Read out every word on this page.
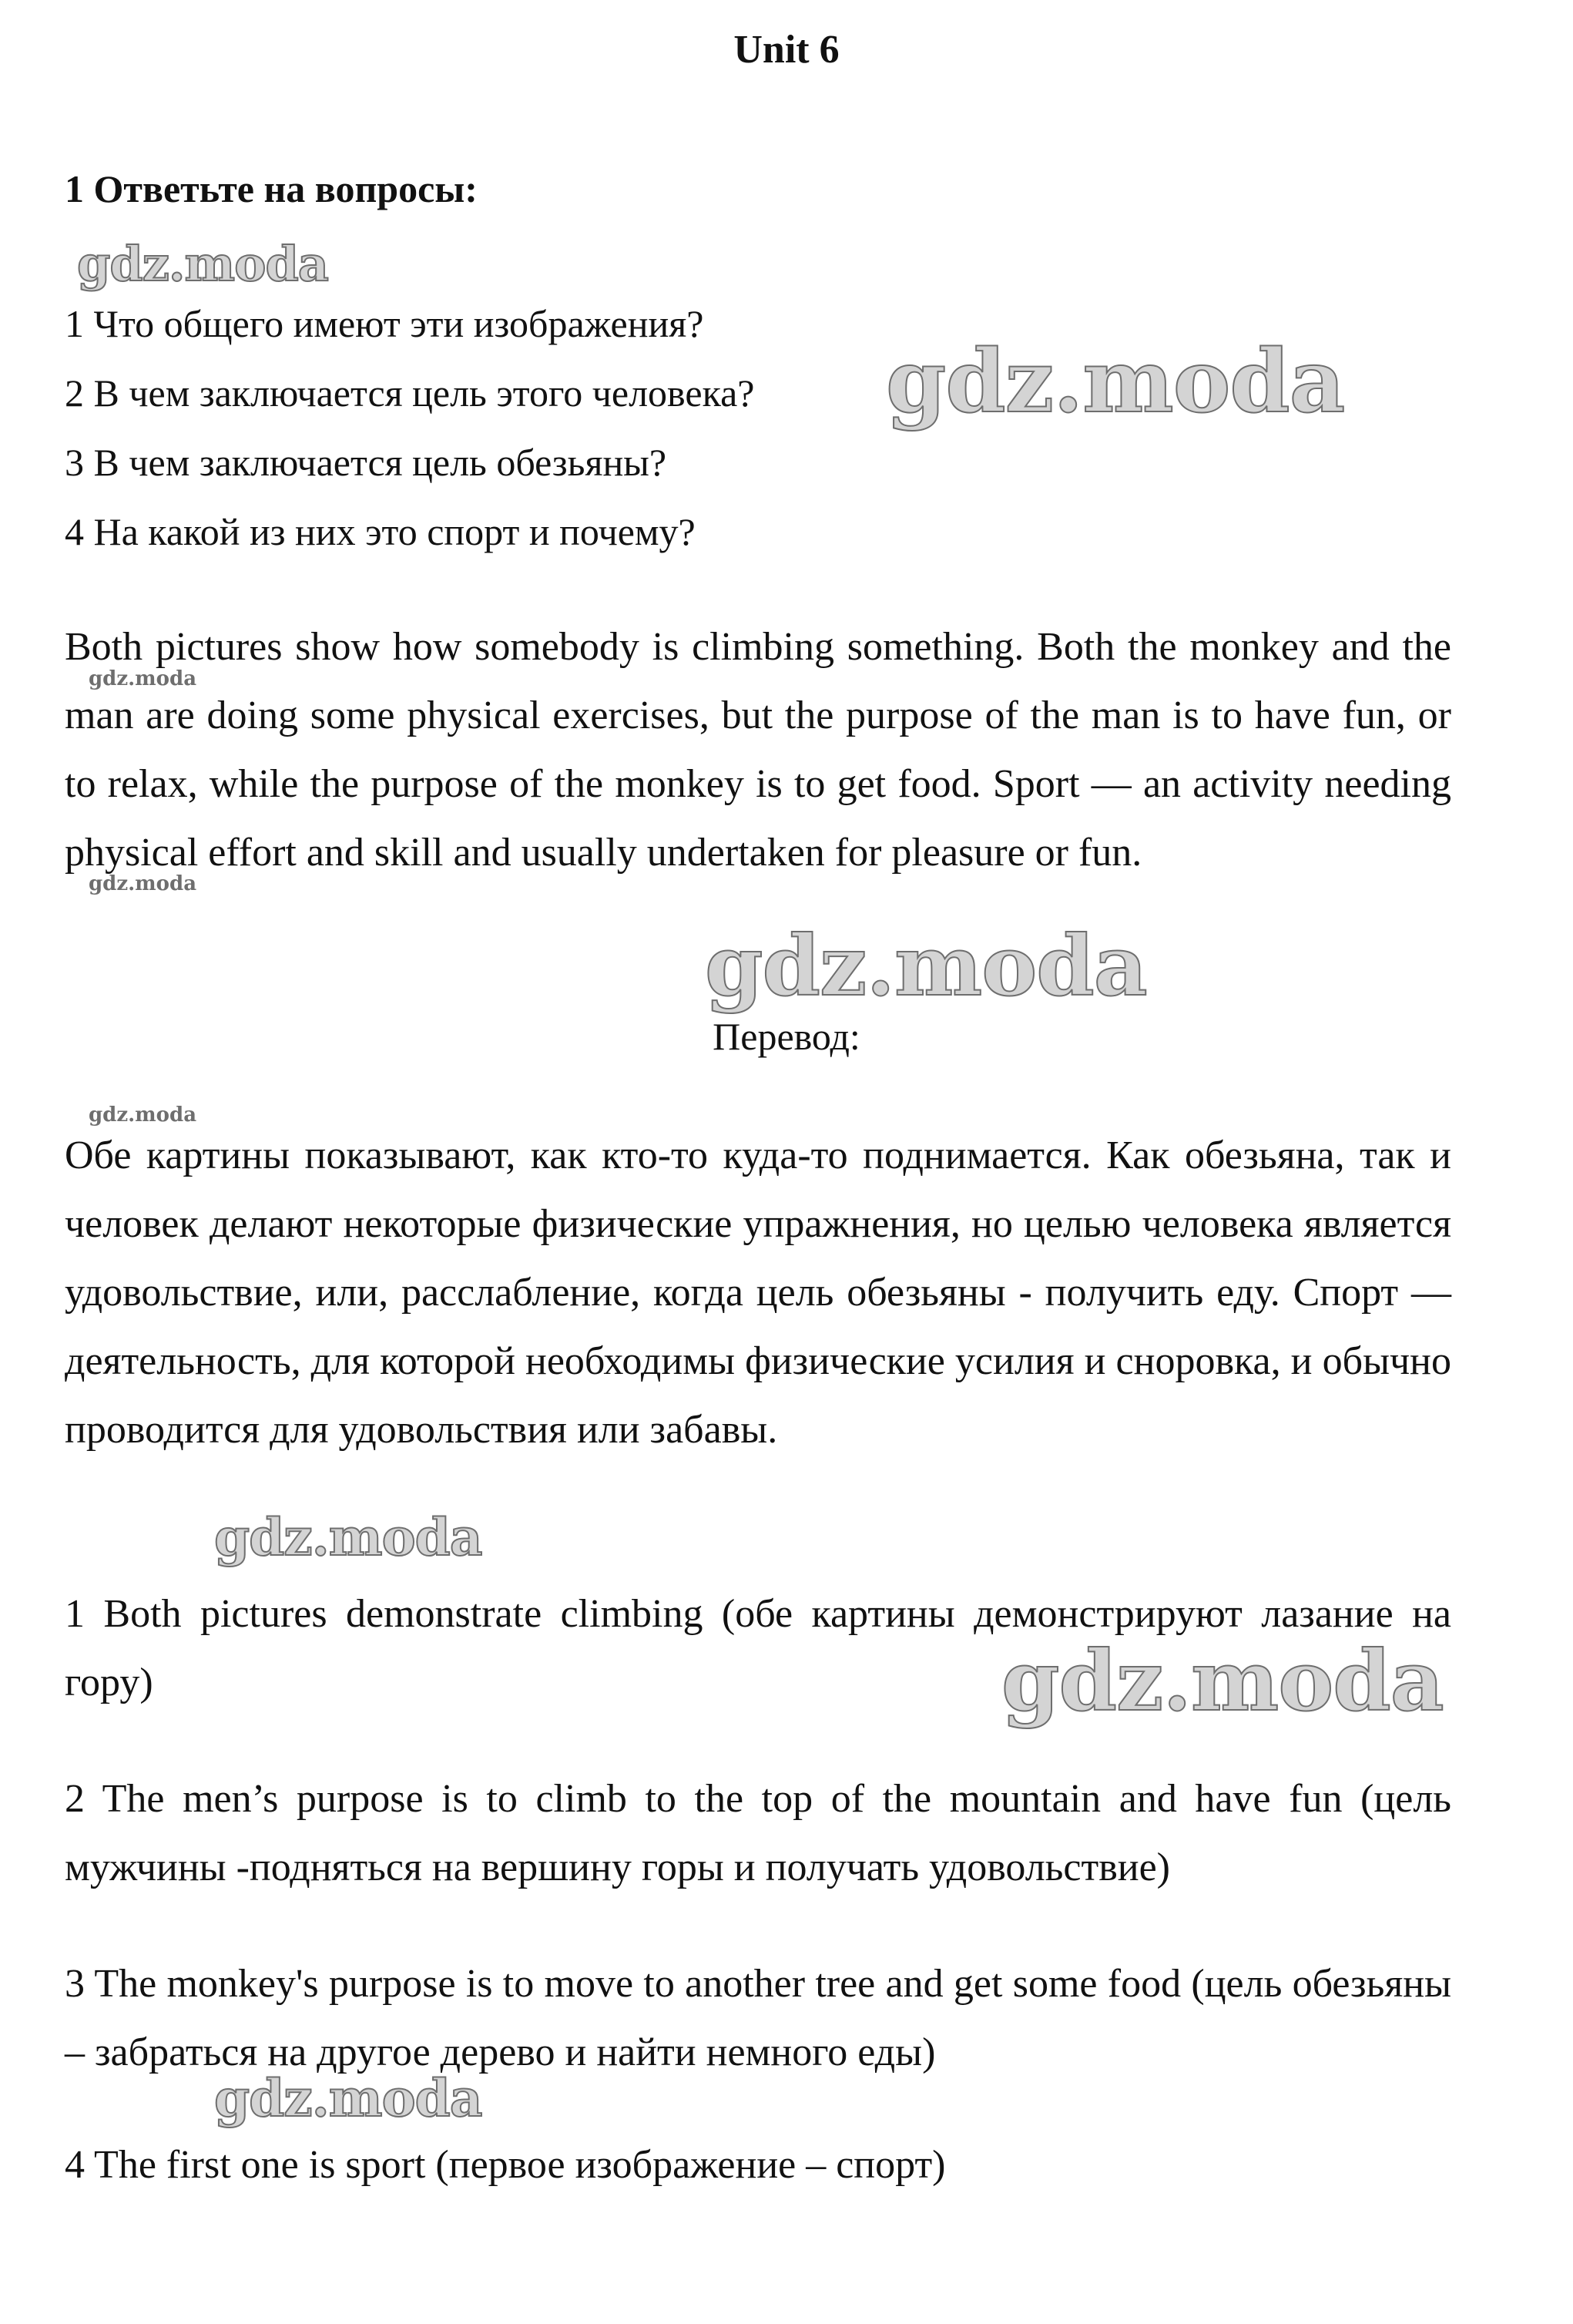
Unit 6
1 Ответьте на вопросы:
1 Что общего имеют эти изображения?
2 В чем заключается цель этого человека?
3 В чем заключается цель обезьяны?
4 На какой из них это спорт и почему?
Both pictures show how somebody is climbing something. Both the monkey and the man are doing some physical exercises, but the purpose of the man is to have fun, or to relax, while the purpose of the monkey is to get food. Sport — an activity needing physical effort and skill and usually undertaken for pleasure or fun.
Перевод:
Обе картины показывают, как кто-то куда-то поднимается. Как обезьяна, так и человек делают некоторые физические упражнения, но целью человека является удовольствие, или, расслабление, когда цель обезьяны - получить еду. Спорт — деятельность, для которой необходимы физические усилия и сноровка, и обычно проводится для удовольствия или забавы.
1 Both pictures demonstrate climbing (обе картины демонстрируют лазание на гору)
2 The men’s purpose is to climb to the top of the mountain and have fun (цель мужчины -подняться на вершину горы и получать удовольствие)
3 The monkey's purpose is to move to another tree and get some food (цель обезьяны – забраться на другое дерево и найти немного еды)
4 The first one is sport (первое изображение – спорт)
gdz.moda
gdz.moda
gdz.moda
gdz.moda
gdz.moda
gdz.moda
gdz.moda
gdz.moda
gdz.moda
